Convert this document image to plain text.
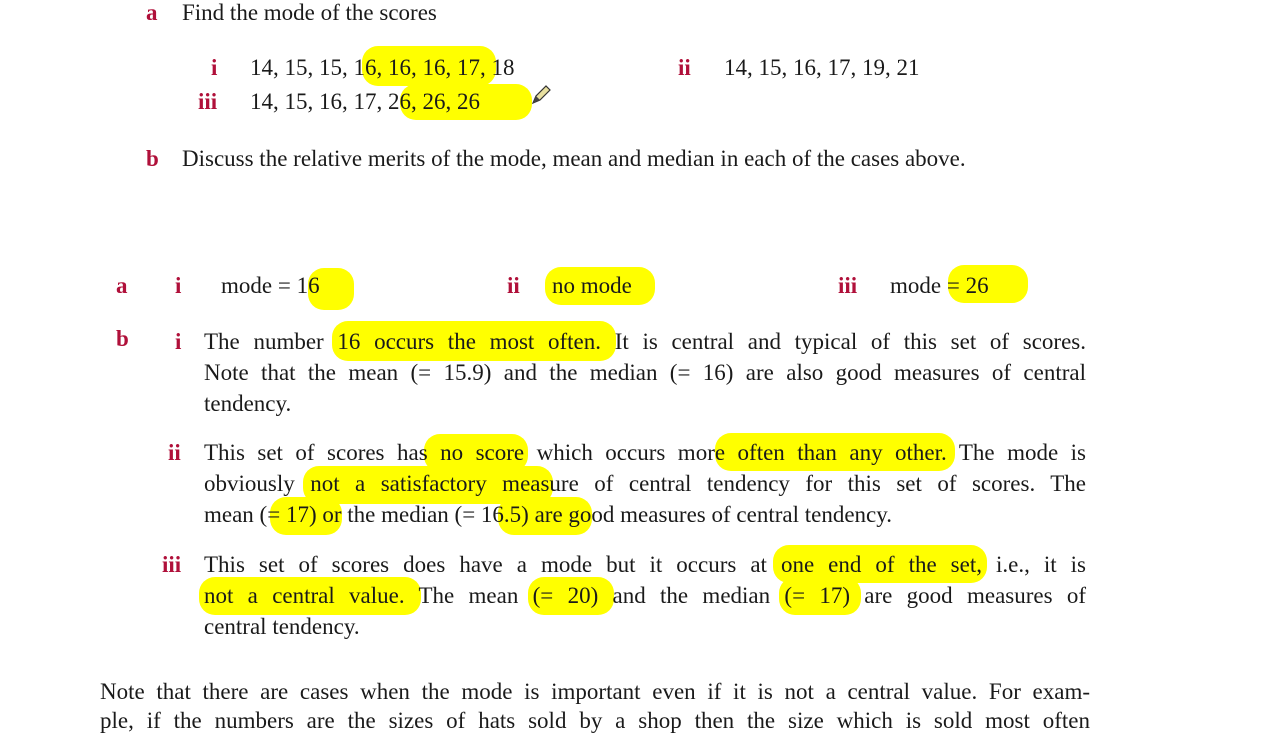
a Find the mode of the scores
i 14, 15, 15, 16, 16, 16, 17, 18	ii 14, 15, 16, 17, 19, 21
iii 14, 15, 16, 17, 26, 26, 26
b Discuss the relative merits of the mode, mean and median in each of the cases above.
a i mode = 16	ii no mode	iii mode = 26
b i The number 16 occurs the most often. It is central and typical of this set of scores.
Note that the mean (= 15.9) and the median (= 16) are also good measures of central
tendency.
ii This set of scores has no score which occurs more often than any other. The mode is
obviously not a satisfactory measure of central tendency for this set of scores. The
mean (= 17) or the median (= 16.5) are good measures of central tendency.
iii This set of scores does have a mode but it occurs at one end of the set, i.e., it is
not a central value. The mean (= 20) and the median (= 17) are good measures of
central tendency.
Note that there are cases when the mode is important even if it is not a central value. For exam-
ple, if the numbers are the sizes of hats sold by a shop then the size which is sold most often
